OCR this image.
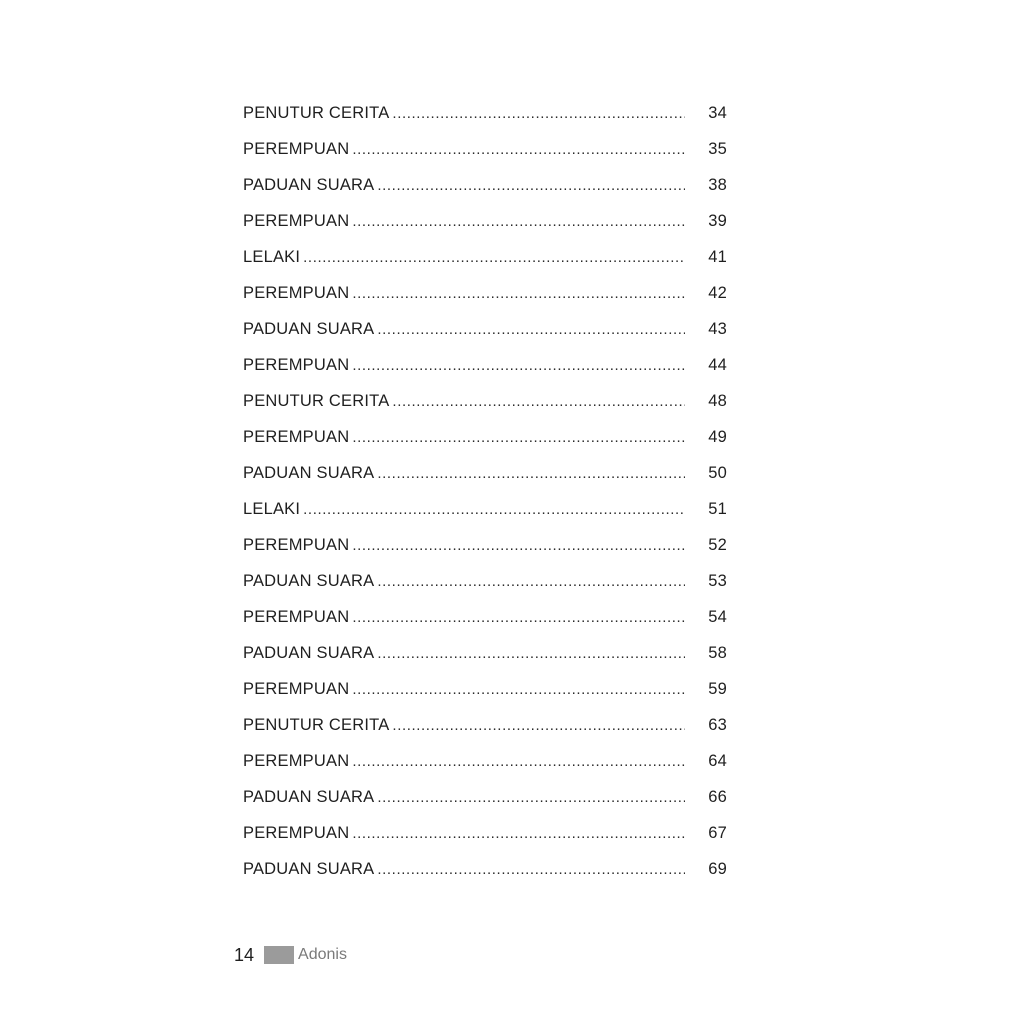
PENUTUR CERITA .....	34
PEREMPUAN .....	35
PADUAN SUARA .....	38
PEREMPUAN .....	39
LELAKI .....	41
PEREMPUAN .....	42
PADUAN SUARA .....	43
PEREMPUAN .....	44
PENUTUR CERITA .....	48
PEREMPUAN .....	49
PADUAN SUARA .....	50
LELAKI .....	51
PEREMPUAN .....	52
PADUAN SUARA .....	53
PEREMPUAN .....	54
PADUAN SUARA .....	58
PEREMPUAN .....	59
PENUTUR CERITA .....	63
PEREMPUAN .....	64
PADUAN SUARA .....	66
PEREMPUAN .....	67
PADUAN SUARA .....	69
14	Adonis
